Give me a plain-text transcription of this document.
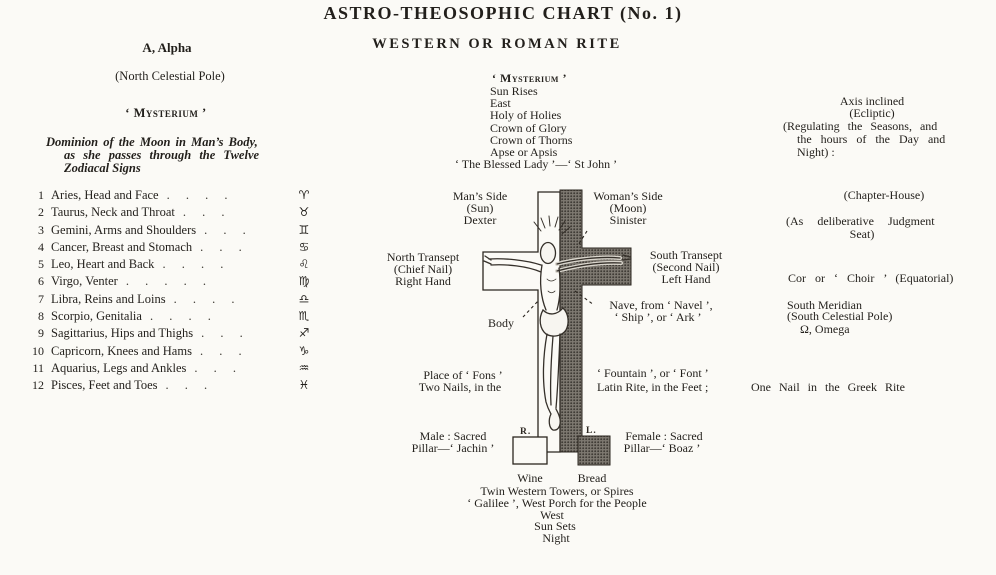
ASTRO-THEOSOPHIC CHART (No. 1)
WESTERN OR ROMAN RITE
A, Alpha
(North Celestial Pole)
‘ Mysterium ’
Dominion of the Moon in Man’s Body,
as she passes through the Twelve
Zodiacal Signs
1 Aries, Head and Face . . . .	♈
2 Taurus, Neck and Throat . . .	♉
3 Gemini, Arms and Shoulders . . .	♊
4 Cancer, Breast and Stomach . . .	♋
5 Leo, Heart and Back . . . .	♌
6 Virgo, Venter . . . . .	♍
7 Libra, Reins and Loins . . . .	♎
8 Scorpio, Genitalia . . . .	♏
9 Sagittarius, Hips and Thighs . . .	♐
10 Capricorn, Knees and Hams . . .	♑
11 Aquarius, Legs and Ankles . . .	♒
12 Pisces, Feet and Toes . . .	♓
‘ Mysterium ’
Sun Rises
East
Holy of Holies
Crown of Glory
Crown of Thorns
Apse or Apsis
‘ The Blessed Lady ’—‘ St John ’
R.	L.
Man’s Side
(Sun)
Dexter
Woman’s Side
(Moon)
Sinister
North Transept
(Chief Nail)
Right Hand
South Transept
(Second Nail)
Left Hand
Body
Nave, from ‘ Navel ’,
‘ Ship ’, or ‘ Ark ’
Place of ‘ Fons ’
Two Nails, in the
‘ Fountain ’, or ‘ Font ’
Latin Rite, in the Feet ;	One Nail in the Greek Rite
Male : Sacred
Pillar—‘ Jachin ’
Female : Sacred
Pillar—‘ Boaz ’
Wine	Bread
Twin Western Towers, or Spires
‘ Galilee ’, West Porch for the People
West
Sun Sets
Night
Axis inclined
(Ecliptic)
(Regulating the Seasons, and
the hours of the Day and
Night) :
(Chapter-House)
(As deliberative Judgment
Seat)
Cor or ‘ Choir ’ (Equatorial)
South Meridian
(South Celestial Pole)
Ω, Omega
